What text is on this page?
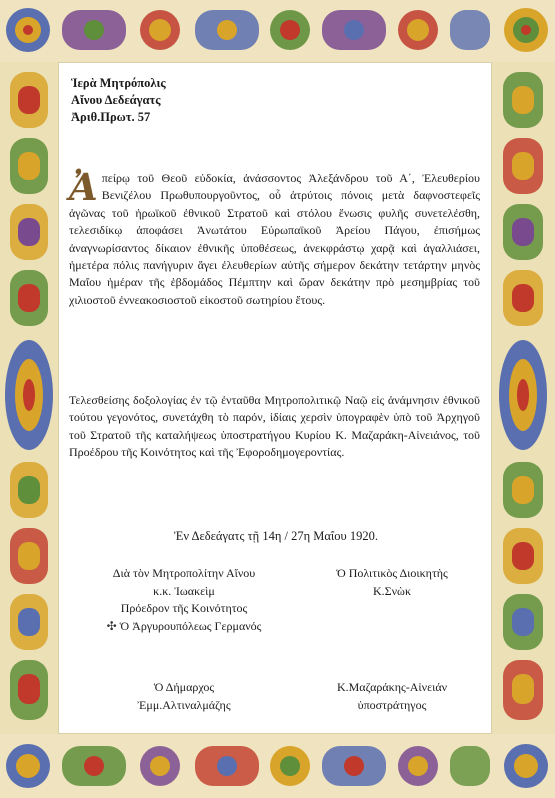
Ἱερὰ Μητρόπολις
Αἴνου Δεδεάγατς
Ἀριθ.Πρωτ. 57
Ἀ πείρῳ τοῦ Θεοῦ εὐδοκία, ἀνάσσοντος Ἀλεξάνδρου τοῦ Α΄, Ἐλευθερίου Βενιζέλου Πρωθυπουργοῦντος, οὗ ἀτρύτοις πόνοις μετὰ δαφνοστεφεῖς ἀγῶνας τοῦ ἡρωϊκοῦ ἐθνικοῦ Στρατοῦ καὶ στόλου ἕνωσις φυλῆς συνετελέσθη, τελεσιδίκῳ ἀποφάσει Ἀνωτάτου Εὐρωπαϊκοῦ Ἀρείου Πάγου, ἐπισήμως ἀναγνωρίσαντος δίκαιον ἐθνικῆς ὑποθέσεως, ἀνεκφράστῳ χαρᾷ καὶ ἀγαλλιάσει, ἡμετέρα πόλις πανήγυριν ἄγει ἐλευθερίων αὐτῆς σήμερον δεκάτην τετάρτην μηνὸς Μαΐου ἡμέραν τῆς ἑβδομάδος Πέμπτην καὶ ὥραν δεκάτην πρὸ μεσημβρίας τοῦ χιλιοστοῦ ἐννεακοσιοστοῦ εἰκοστοῦ σωτηρίου ἔτους.
Τελεσθείσης δοξολογίας ἐν τῷ ἐνταῦθα Μητροπολιτικῷ Ναῷ εἰς ἀνάμνησιν ἐθνικοῦ τούτου γεγονότος, συνετάχθη τὸ παρόν, ἰδίαις χερσὶν ὑπογραφὲν ὑπὸ τοῦ Ἀρχηγοῦ τοῦ Στρατοῦ τῆς καταλήψεως ὑποστρατήγου Κυρίου Κ. Μαζαράκη-Αἰνειάνος, τοῦ Προέδρου τῆς Κοινότητος καὶ τῆς Ἐφοροδημογεροντίας.
Ἐν Δεδεάγατς τῇ 14η / 27η Μαΐου 1920.
Διὰ τὸν Μητροπολίτην Αἴνου
κ.κ. Ἰωακεὶμ
Πρόεδρον τῆς Κοινότητος
✣ Ὁ Ἀργυρουπόλεως Γερμανός
Ὁ Πολιτικὸς Διοικητὴς
Κ.Σνὼκ
Ὁ Δήμαρχος
Ἐμμ.Αλτιναλμάζης
Κ.Μαζαράκης-Αἰνειάν
ὑποστράτηγος
